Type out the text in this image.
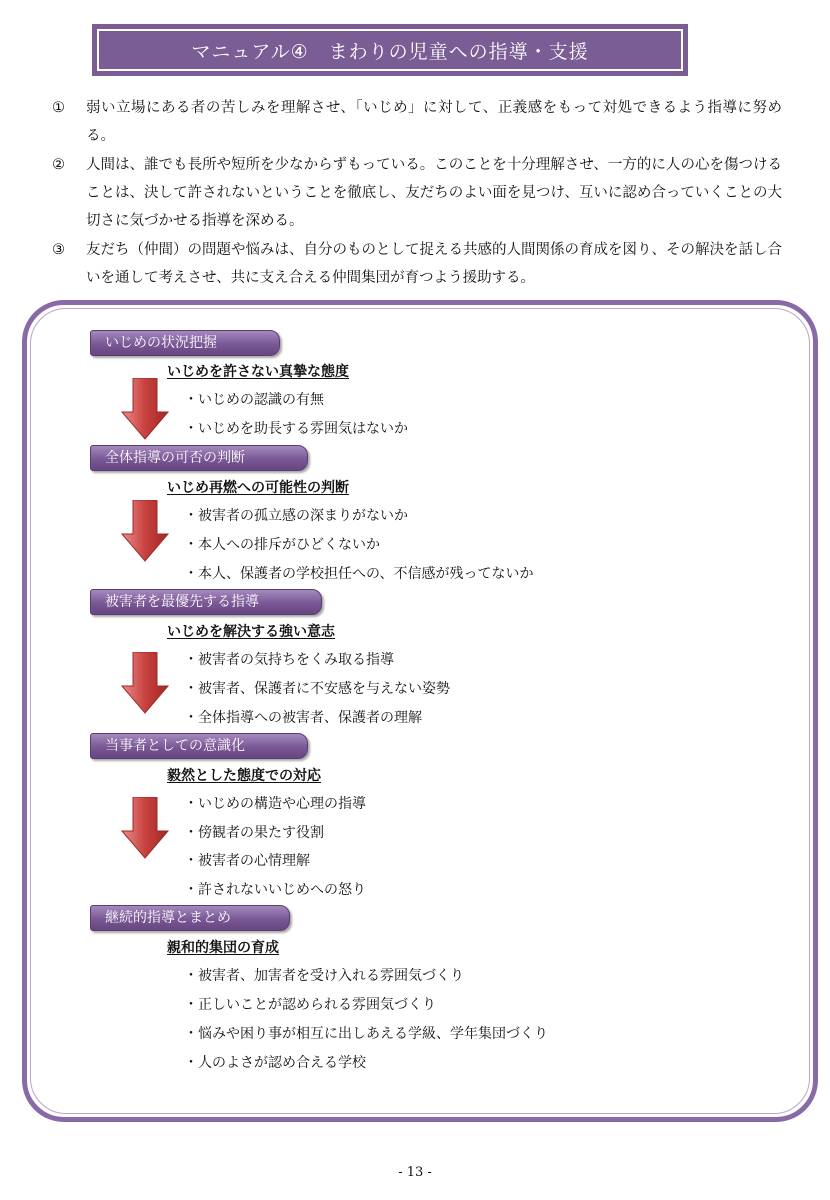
マニュアル④　まわりの児童への指導・支援
①	弱い立場にある者の苦しみを理解させ、「いじめ」に対して、正義感をもって対処できるよう指導に努める。
②	人間は、誰でも長所や短所を少なからずもっている。このことを十分理解させ、一方的に人の心を傷つけることは、決して許されないということを徹底し、友だちのよい面を見つけ、互いに認め合っていくことの大切さに気づかせる指導を深める。
③	友だち（仲間）の問題や悩みは、自分のものとして捉える共感的人間関係の育成を図り、その解決を話し合いを通して考えさせ、共に支え合える仲間集団が育つよう援助する。
いじめの状況把握
いじめを許さない真摯な態度
・いじめの認識の有無
・いじめを助長する雰囲気はないか
全体指導の可否の判断
いじめ再燃への可能性の判断
・被害者の孤立感の深まりがないか
・本人への排斥がひどくないか
・本人、保護者の学校担任への、不信感が残ってないか
被害者を最優先する指導
いじめを解決する強い意志
・被害者の気持ちをくみ取る指導
・被害者、保護者に不安感を与えない姿勢
・全体指導への被害者、保護者の理解
当事者としての意識化
毅然とした態度での対応
・いじめの構造や心理の指導
・傍観者の果たす役割
・被害者の心情理解
・許されないいじめへの怒り
継続的指導とまとめ
親和的集団の育成
・被害者、加害者を受け入れる雰囲気づくり
・正しいことが認められる雰囲気づくり
・悩みや困り事が相互に出しあえる学級、学年集団づくり
・人のよさが認め合える学校
- 13 -
